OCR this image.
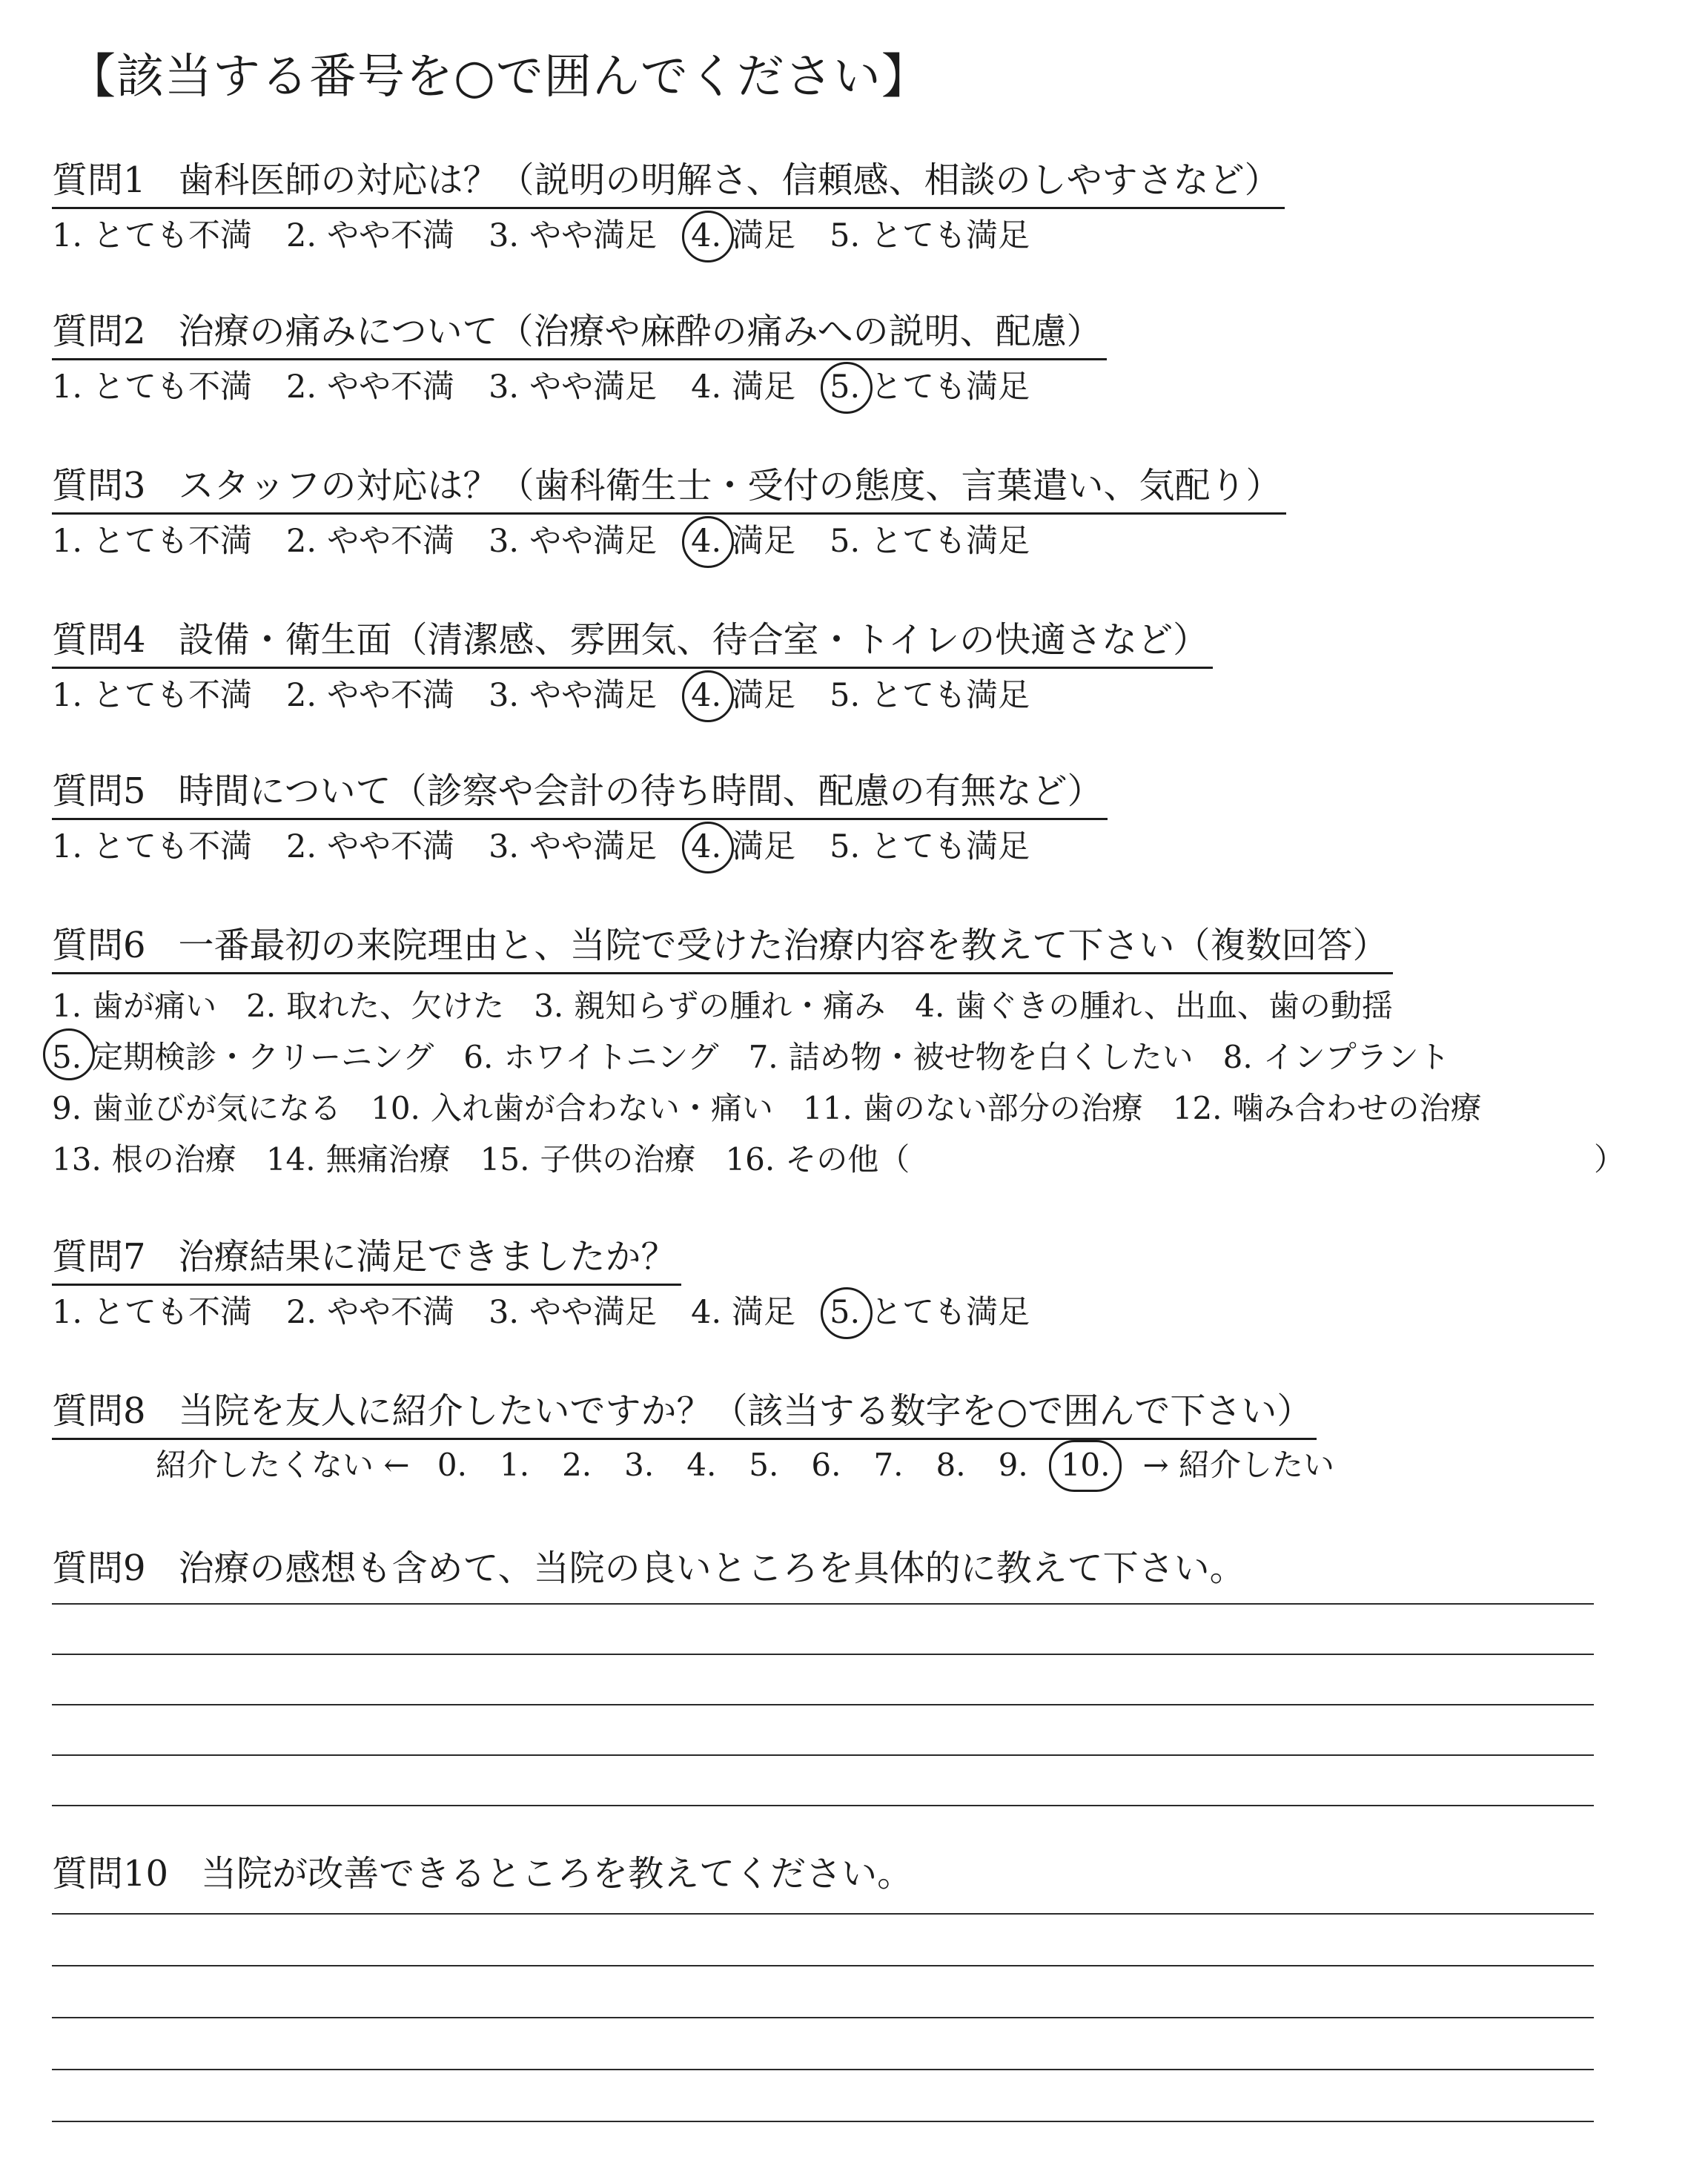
【該当する番号を○で囲んでください】
質問1 歯科医師の対応は？（説明の明解さ、信頼感、相談のしやすさなど）
1. とても不満 2. やや不満 3. やや満足 4. 満足 5. とても満足
質問2 治療の痛みについて（治療や麻酔の痛みへの説明、配慮）
1. とても不満 2. やや不満 3. やや満足 4. 満足 5. とても満足
質問3 スタッフの対応は？（歯科衛生士・受付の態度、言葉遣い、気配り）
1. とても不満 2. やや不満 3. やや満足 4. 満足 5. とても満足
質問4 設備・衛生面（清潔感、雰囲気、待合室・トイレの快適さなど）
1. とても不満 2. やや不満 3. やや満足 4. 満足 5. とても満足
質問5 時間について（診察や会計の待ち時間、配慮の有無など）
1. とても不満 2. やや不満 3. やや満足 4. 満足 5. とても満足
質問6 一番最初の来院理由と、当院で受けた治療内容を教えて下さい（複数回答）
1. 歯が痛い 2. 取れた、欠けた 3. 親知らずの腫れ・痛み 4. 歯ぐきの腫れ、出血、歯の動揺
5. 定期検診・クリーニング 6. ホワイトニング 7. 詰め物・被せ物を白くしたい 8. インプラント
9. 歯並びが気になる 10. 入れ歯が合わない・痛い 11. 歯のない部分の治療 12. 噛み合わせの治療
13. 根の治療 14. 無痛治療 15. 子供の治療 16. その他（	）
質問7 治療結果に満足できましたか？
1. とても不満 2. やや不満 3. やや満足 4. 満足 5. とても満足
質問8 当院を友人に紹介したいですか？（該当する数字を○で囲んで下さい）
紹介したくない ← 0. 1. 2. 3. 4. 5. 6. 7. 8. 9. 10. → 紹介したい
質問9 治療の感想も含めて、当院の良いところを具体的に教えて下さい。
質問10 当院が改善できるところを教えてください。
